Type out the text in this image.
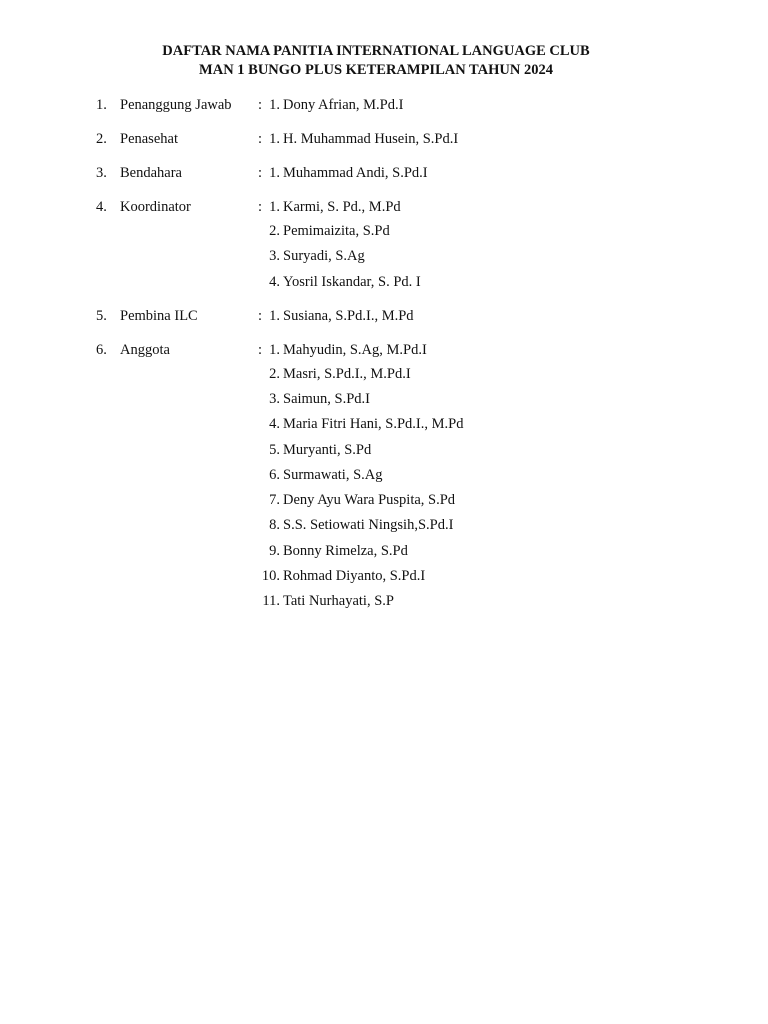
DAFTAR NAMA PANITIA INTERNATIONAL LANGUAGE CLUB
MAN 1 BUNGO PLUS KETERAMPILAN TAHUN 2024
1. Penanggung Jawab : 1. Dony Afrian, M.Pd.I
2. Penasehat	: 1. H. Muhammad Husein, S.Pd.I
3. Bendahara	: 1. Muhammad Andi, S.Pd.I
4. Koordinator	: 1. Karmi, S. Pd., M.Pd
2. Pemimaizita, S.Pd
3. Suryadi, S.Ag
4. Yosril Iskandar, S. Pd. I
5. Pembina ILC	: 1. Susiana, S.Pd.I., M.Pd
6. Anggota	: 1. Mahyudin, S.Ag, M.Pd.I
2. Masri, S.Pd.I., M.Pd.I
3. Saimun, S.Pd.I
4. Maria Fitri Hani, S.Pd.I., M.Pd
5. Muryanti, S.Pd
6. Surmawati, S.Ag
7. Deny Ayu Wara Puspita, S.Pd
8. S.S. Setiowati Ningsih,S.Pd.I
9. Bonny Rimelza, S.Pd
10. Rohmad Diyanto, S.Pd.I
11. Tati Nurhayati, S.P
